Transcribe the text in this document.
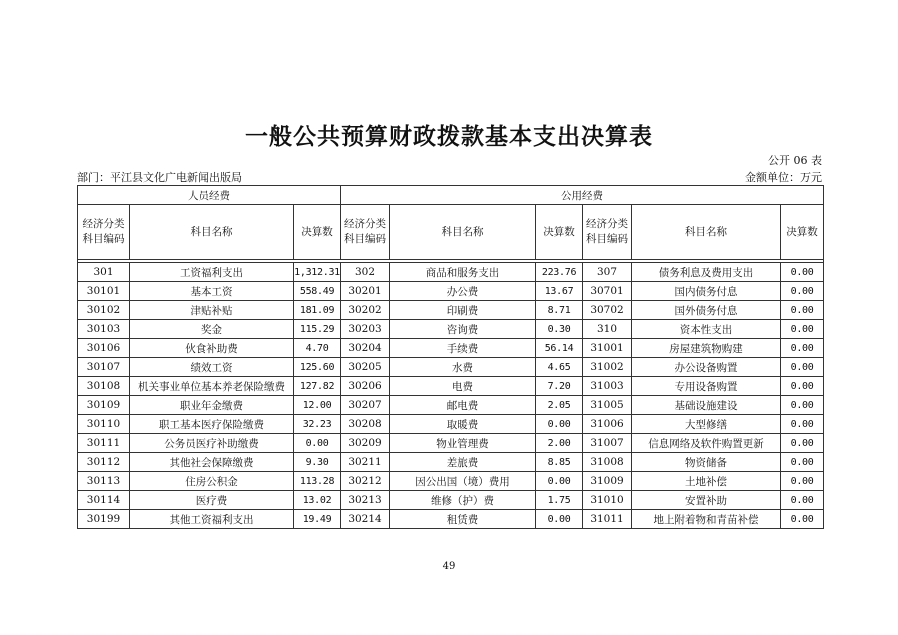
一般公共预算财政拨款基本支出决算表
公开 06 表
部门：平江县文化广电新闻出版局	金额单位：万元
人员经费			公用经费					
经济分类科目编码	科目名称	决算数	经济分类科目编码	科目名称	决算数	经济分类科目编码	科目名称	决算数

301	工资福利支出	1,312.31	302	商品和服务支出	223.76	307	债务利息及费用支出	0.00
30101	基本工资	558.49	30201	办公费	13.67	30701	国内债务付息	0.00
30102	津贴补贴	181.09	30202	印刷费	8.71	30702	国外债务付息	0.00
30103	奖金	115.29	30203	咨询费	0.30	310	资本性支出	0.00
30106	伙食补助费	4.70	30204	手续费	56.14	31001	房屋建筑物购建	0.00
30107	绩效工资	125.60	30205	水费	4.65	31002	办公设备购置	0.00
30108	机关事业单位基本养老保险缴费	127.82	30206	电费	7.20	31003	专用设备购置	0.00
30109	职业年金缴费	12.00	30207	邮电费	2.05	31005	基础设施建设	0.00
30110	职工基本医疗保险缴费	32.23	30208	取暖费	0.00	31006	大型修缮	0.00
30111	公务员医疗补助缴费	0.00	30209	物业管理费	2.00	31007	信息网络及软件购置更新	0.00
30112	其他社会保障缴费	9.30	30211	差旅费	8.85	31008	物资储备	0.00
30113	住房公积金	113.28	30212	因公出国（境）费用	0.00	31009	土地补偿	0.00
30114	医疗费	13.02	30213	维修（护）费	1.75	31010	安置补助	0.00
30199	其他工资福利支出	19.49	30214	租赁费	0.00	31011	地上附着物和青苗补偿	0.00
49
